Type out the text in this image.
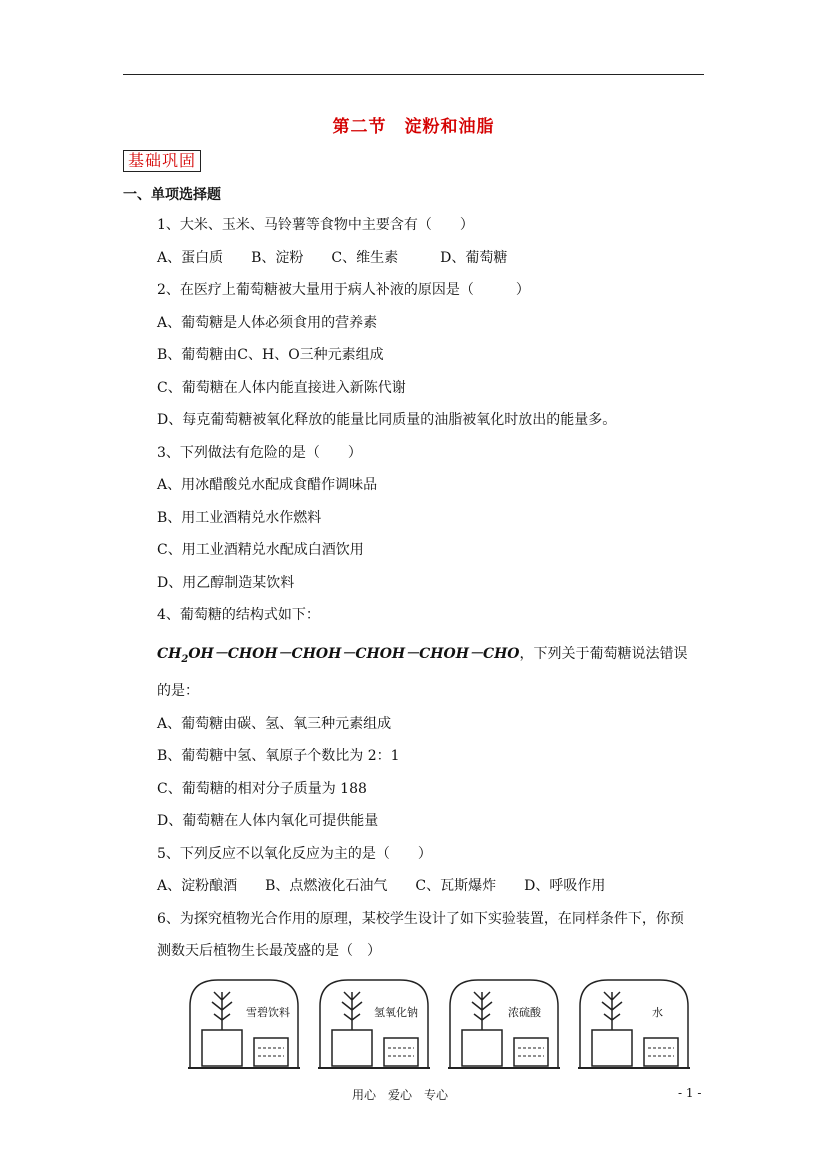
第二节　淀粉和油脂
基础巩固
一、单项选择题
1、大米、玉米、马铃薯等食物中主要含有（　　）
A、蛋白质　　B、淀粉　　C、维生素　　　D、葡萄糖
2、在医疗上葡萄糖被大量用于病人补液的原因是（　　　）
A、葡萄糖是人体必须食用的营养素
B、葡萄糖由C、H、O三种元素组成
C、葡萄糖在人体内能直接进入新陈代谢
D、每克葡萄糖被氧化释放的能量比同质量的油脂被氧化时放出的能量多。
3、下列做法有危险的是（　　）
A、用冰醋酸兑水配成食醋作调味品
B、用工业酒精兑水作燃料
C、用工业酒精兑水配成白酒饮用
D、用乙醇制造某饮料
4、葡萄糖的结构式如下：
$CH_2OH-CHOH-CHOH-CHOH-CHOH-CHO$，下列关于葡萄糖说法错误
的是：
A、葡萄糖由碳、氢、氧三种元素组成
B、葡萄糖中氢、氧原子个数比为 2：1
C、葡萄糖的相对分子质量为 188
D、葡萄糖在人体内氧化可提供能量
5、下列反应不以氧化反应为主的是（　　）
A、淀粉酿酒　　B、点燃液化石油气　　C、瓦斯爆炸　　D、呼吸作用
6、为探究植物光合作用的原理，某校学生设计了如下实验装置，在同样条件下，你预
测数天后植物生长最茂盛的是（　）
雪碧饮料	氢氧化钠	浓硫酸	水
用心　爱心　专心	- 1 -
